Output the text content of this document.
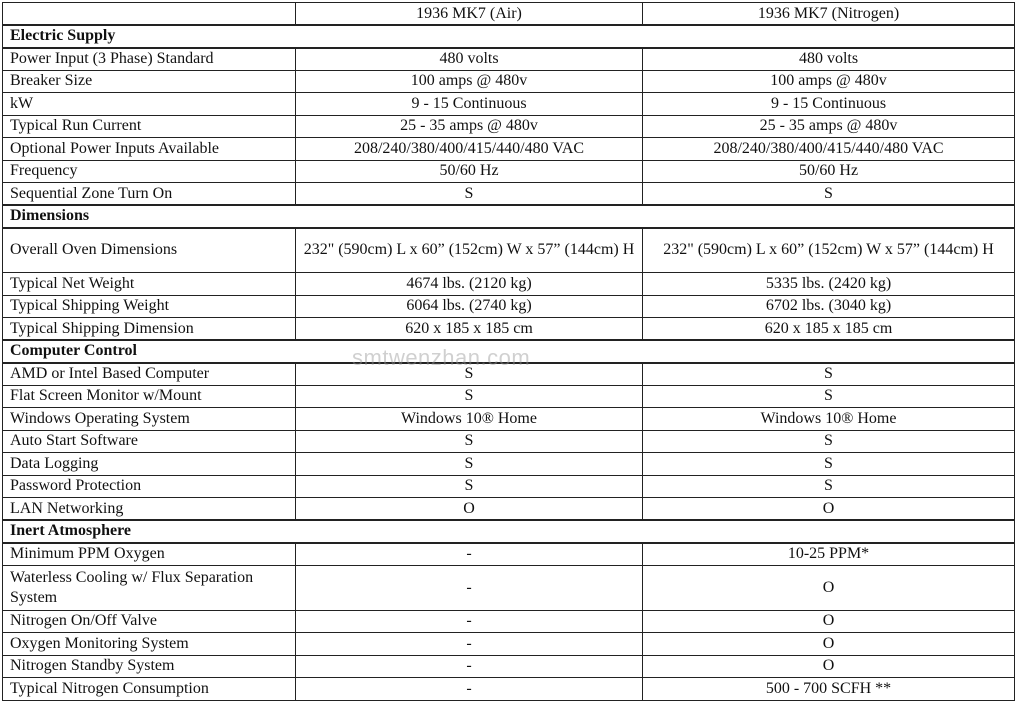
	1936 MK7 (Air)	1936 MK7 (Nitrogen)
Electric Supply		
Power Input (3 Phase) Standard	480 volts	480 volts
Breaker Size	100 amps @ 480v	100 amps @ 480v
kW	9 - 15 Continuous	9 - 15 Continuous
Typical Run Current	25 - 35 amps @ 480v	25 - 35 amps @ 480v
Optional Power Inputs Available	208/240/380/400/415/440/480 VAC	208/240/380/400/415/440/480 VAC
Frequency	50/60 Hz	50/60 Hz
Sequential Zone Turn On	S	S
Dimensions		
Overall Oven Dimensions	232" (590cm) L x 60” (152cm) W x 57” (144cm) H	232" (590cm) L x 60” (152cm) W x 57” (144cm) H
Typical Net Weight	4674 lbs. (2120 kg)	5335 lbs. (2420 kg)
Typical Shipping Weight	6064 lbs. (2740 kg)	6702 lbs. (3040 kg)
Typical Shipping Dimension	620 x 185 x 185 cm	620 x 185 x 185 cm
Computer Control		
AMD or Intel Based Computer	S	S
Flat Screen Monitor w/Mount	S	S
Windows Operating System	Windows 10® Home	Windows 10® Home
Auto Start Software	S	S
Data Logging	S	S
Password Protection	S	S
LAN Networking	O	O
Inert Atmosphere		
Minimum PPM Oxygen	-	10-25 PPM*
Waterless Cooling w/ Flux Separation System	-	O
Nitrogen On/Off Valve	-	O
Oxygen Monitoring System	-	O
Nitrogen Standby System	-	O
Typical Nitrogen Consumption	-	500 - 700 SCFH **
smtwenzhan.com
